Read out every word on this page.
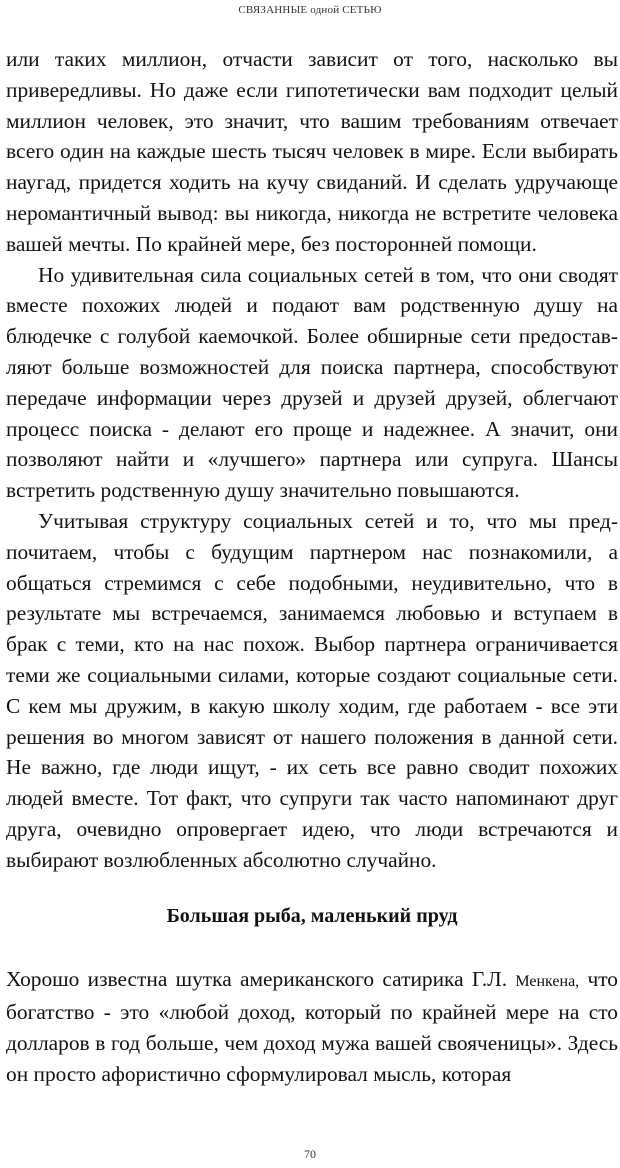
СВЯЗАННЫЕ одной СЕТЬЮ

или таких миллион, отчасти зависит от того, насколько вы привередливы. Но даже если гипотетически вам подходит целый миллион человек, это значит, что вашим требованиям отвечает всего один на каждые шесть тысяч человек в мире. Если выбирать наугад, придется ходить на кучу свиданий. И сделать удручающе неромантичный вывод: вы никогда, никогда не встретите человека вашей мечты. По крайней мере, без посторонней помощи.

Но удивительная сила социальных сетей в том, что они сводят вместе похожих людей и подают вам родственную душу на блюдечке с голубой каемочкой. Более обширные сети предоставляют больше возможностей для поиска партнера, способствуют передаче информации через друзей и друзей друзей, облегчают процесс поиска - делают его проще и надежнее. А значит, они позволяют найти и «лучшего» партнера или супруга. Шансы встретить родственную душу значительно повышаются.

Учитывая структуру социальных сетей и то, что мы предпочитаем, чтобы с будущим партнером нас познакомили, а общаться стремимся с себе подобными, неудивительно, что в результате мы встречаемся, занимаемся любовью и вступаем в брак с теми, кто на нас похож. Выбор партнера ограничивается теми же социальными силами, которые создают социальные сети. С кем мы дружим, в какую школу ходим, где работаем - все эти решения во многом зависят от нашего положения в данной сети. Не важно, где люди ищут, - их сеть все равно сводит похожих людей вместе. Тот факт, что супруги так часто напоминают друг друга, очевидно опровергает идею, что люди встречаются и выбирают возлюбленных абсолютно случайно.

Большая рыба, маленький пруд

Хорошо известна шутка американского сатирика Г.Л. Менкена, что богатство - это «любой доход, который по крайней мере на сто долларов в год больше, чем доход мужа вашей свояченицы». Здесь он просто афористично сформулировал мысль, которая

70
